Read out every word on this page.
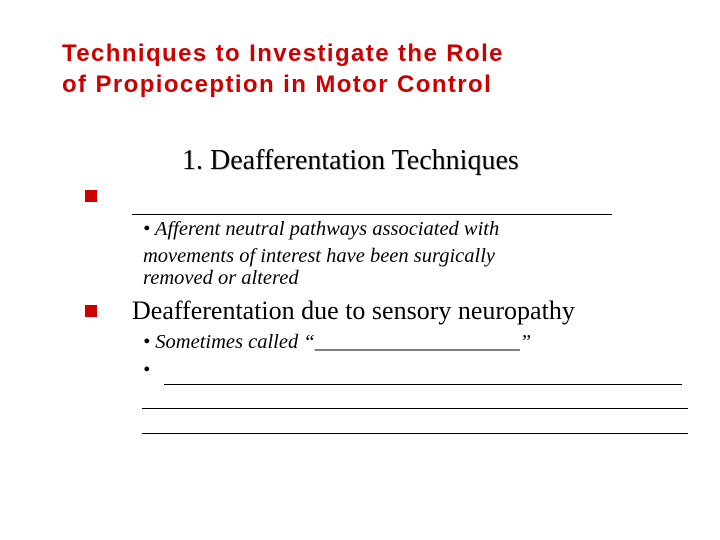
Techniques to Investigate the Role
of Propioception in Motor Control
1. Deafferentation Techniques
• Afferent neutral pathways associated with
movements of interest have been surgically
removed or altered
Deafferentation due to sensory neuropathy
• Sometimes called “____________________”
•
